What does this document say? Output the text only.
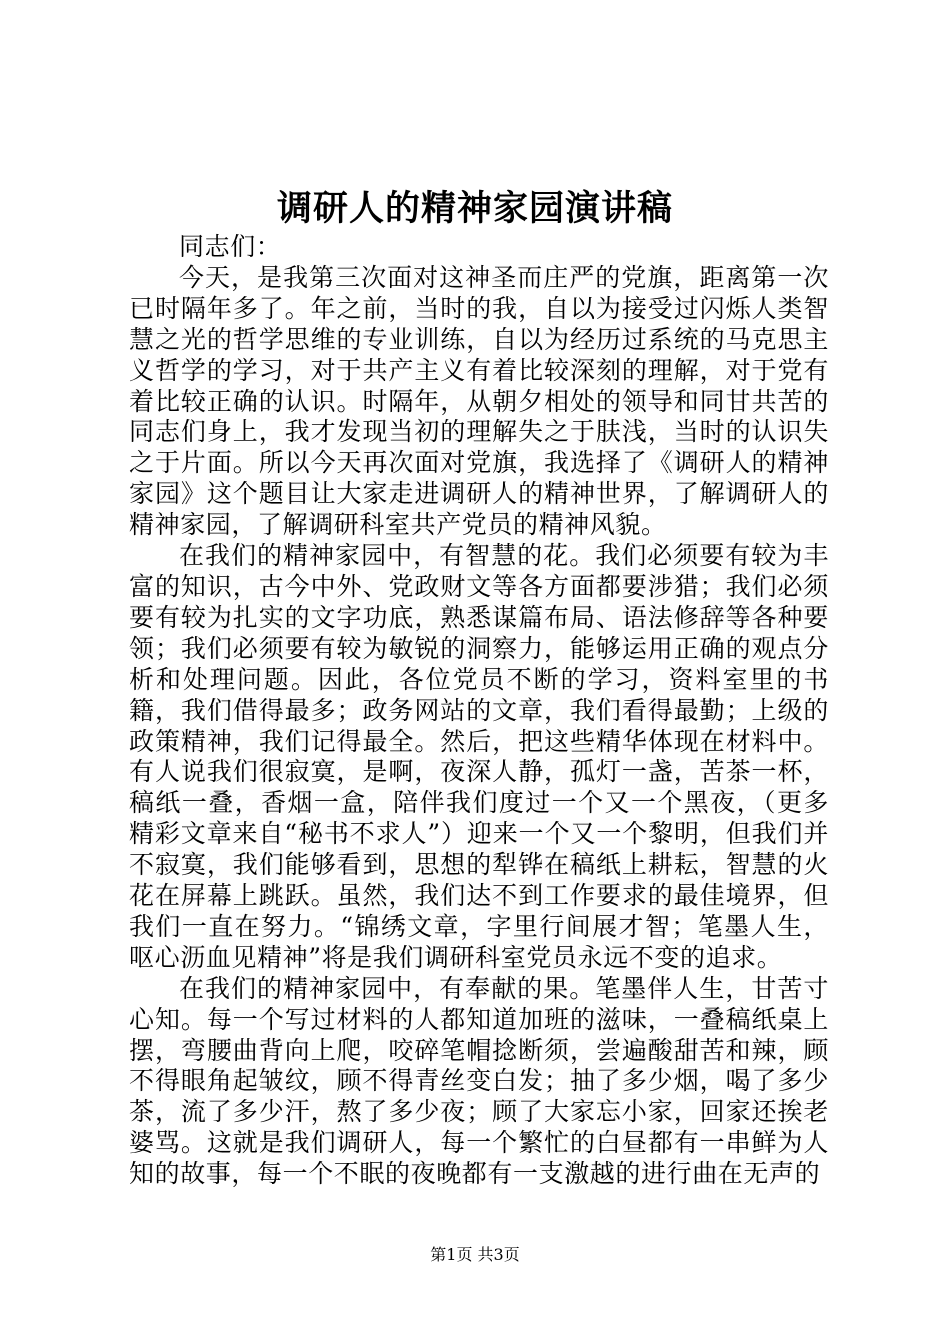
调研人的精神家园演讲稿

同志们：

今天，是我第三次面对这神圣而庄严的党旗，距离第一次已时隔年多了。年之前，当时的我，自以为接受过闪烁人类智慧之光的哲学思维的专业训练，自以为经历过系统的马克思主义哲学的学习，对于共产主义有着比较深刻的理解，对于党有着比较正确的认识。时隔年，从朝夕相处的领导和同甘共苦的同志们身上，我才发现当初的理解失之于肤浅，当时的认识失之于片面。所以今天再次面对党旗，我选择了《调研人的精神家园》这个题目让大家走进调研人的精神世界，了解调研人的精神家园，了解调研科室共产党员的精神风貌。

在我们的精神家园中，有智慧的花。我们必须要有较为丰富的知识，古今中外、党政财文等各方面都要涉猎；我们必须要有较为扎实的文字功底，熟悉谋篇布局、语法修辞等各种要领；我们必须要有较为敏锐的洞察力，能够运用正确的观点分析和处理问题。因此，各位党员不断的学习，资料室里的书籍，我们借得最多；政务网站的文章，我们看得最勤；上级的政策精神，我们记得最全。然后，把这些精华体现在材料中。有人说我们很寂寞，是啊，夜深人静，孤灯一盏，苦茶一杯，稿纸一叠，香烟一盒，陪伴我们度过一个又一个黑夜，（更多精彩文章来自“秘书不求人”）迎来一个又一个黎明，但我们并不寂寞，我们能够看到，思想的犁铧在稿纸上耕耘，智慧的火花在屏幕上跳跃。虽然，我们达不到工作要求的最佳境界，但我们一直在努力。“锦绣文章，字里行间展才智；笔墨人生，呕心沥血见精神”将是我们调研科室党员永远不变的追求。

在我们的精神家园中，有奉献的果。笔墨伴人生，甘苦寸心知。每一个写过材料的人都知道加班的滋味，一叠稿纸桌上摆，弯腰曲背向上爬，咬碎笔帽捻断须，尝遍酸甜苦和辣，顾不得眼角起皱纹，顾不得青丝变白发；抽了多少烟，喝了多少茶，流了多少汗，熬了多少夜；顾了大家忘小家，回家还挨老婆骂。这就是我们调研人，每一个繁忙的白昼都有一串鲜为人知的故事，每一个不眠的夜晚都有一支激越的进行曲在无声的

第1页 共3页
